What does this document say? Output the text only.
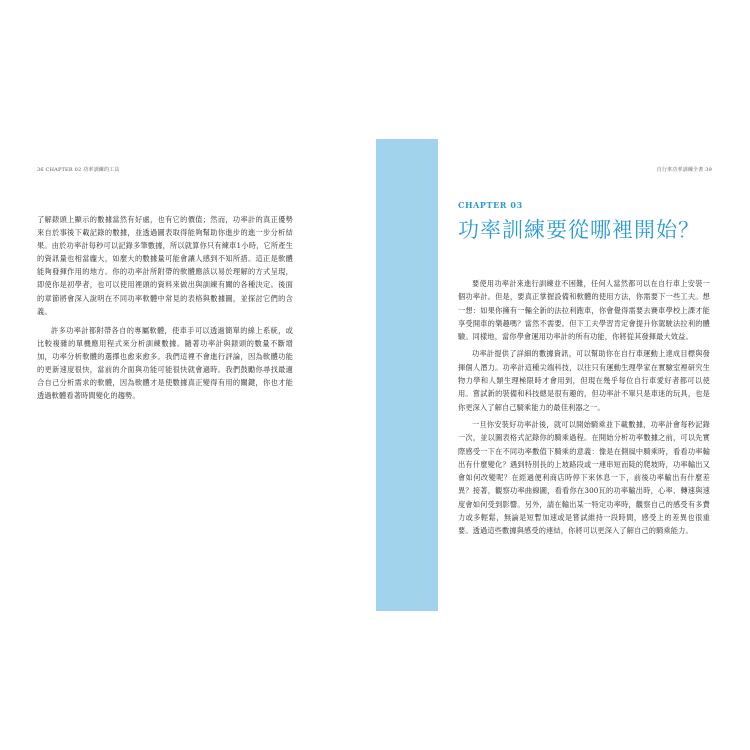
36 CHAPTER 02 功率訓練的工具	自行車功率訓練全書 39

了解錶頭上顯示的數據當然有好處，也有它的價值；然而，功率計的真正優勢來自於事後下載記錄的數據，並透過圖表取得能夠幫助你進步的進一步分析結果。由於功率計每秒可以記錄多筆數據，所以就算你只有練車1小時，它所產生的資訊量也相當龐大，如麼大的數據量可能會讓人感到不知所措。這正是軟體能夠發揮作用的地方。你的功率計所附帶的軟體應該以易於理解的方式呈現，即使你是初學者，也可以使用裡頭的資料來做出與訓練有關的各種決定。後面的章節將會深入說明在不同功率軟體中常見的表格與數據圖，並探討它們的含義。

許多功率計都附帶各自的專屬軟體，使車手可以透過簡單的線上系統，或比較複雜的單機應用程式來分析訓練數據。隨著功率計與錶頭的數量不斷增加，功率分析軟體的選擇也愈來愈多。我們這裡不會進行評論，因為軟體功能的更新速度很快，當前的介面與功能可能很快就會過時。我們鼓勵你尋找最適合自己分析需求的軟體，因為軟體才是使數據真正變得有用的關鍵，你也才能透過軟體看著時間變化的趨勢。

CHAPTER 03
功率訓練要從哪裡開始？

要使用功率計來進行訓練並不困難，任何人當然都可以在自行車上安裝一個功率計。但是，要真正掌握設備和軟體的使用方法，你需要下一些工夫。想一想：如果你擁有一輛全新的法拉利跑車，你會覺得需要去賽車學校上課才能享受開車的樂趣嗎？當然不需要。但下工夫學習肯定會提升你駕駛法拉利的體驗。同樣地，當你學會運用功率計的所有功能，你將從其發揮最大效益。

功率計提供了詳細的數據資訊，可以幫助你在自行車運動上達成目標與發揮個人潛力。功率計這種尖端科技，以往只有運動生理學家在實驗室裡研究生物力學和人類生理極限時才會用到，但現在幾乎每位自行車愛好者都可以使用。嘗試新的裝備和科技總是很有趣的，但功率計不單只是車迷的玩具，也是你更深入了解自己騎乘能力的最佳利器之一。

一旦你安裝好功率計後，就可以開始騎乘並下載數據，功率計會每秒記錄一次，並以圖表格式記錄你的騎乘過程。在開始分析功率數據之前，可以先實際感受一下在不同功率數值下騎乘的意義：像是在側風中騎乘時，看看功率輸出有什麼變化？遇到特別長的上坡路段或一連串短而陡的爬坡時，功率輸出又會如何改變呢？在經過便利商店時停下來休息一下，前後功率輸出有什麼差異？接著，觀察功率曲線圖，看看你在300瓦的功率輸出時，心率、轉速與速度會如何受到影響。另外，請在輸出某一特定功率時，觀察自己的感受有多費力或多輕鬆，無論是短暫加速或是嘗試維持一段時間，感受上的差異也很重要。透過這些數據與感受的連結，你將可以更深入了解自己的騎乘能力。
